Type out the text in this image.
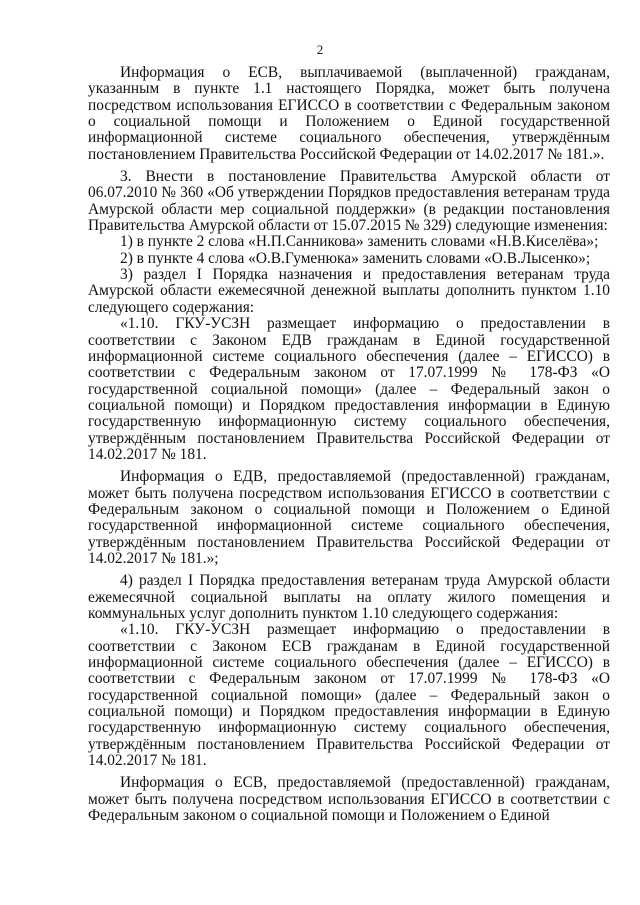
2

Информация о ЕСВ, выплачиваемой (выплаченной) гражданам, указанным в пункте 1.1 настоящего Порядка, может быть получена посредством использования ЕГИССО в соответствии с Федеральным законом о социальной помощи и Положением о Единой государственной информационной системе социального обеспечения, утверждённым постановлением Правительства Российской Федерации от 14.02.2017 № 181.».

3. Внести в постановление Правительства Амурской области от 06.07.2010 № 360 «Об утверждении Порядков предоставления ветеранам труда Амурской области мер социальной поддержки» (в редакции постановления Правительства Амурской области от 15.07.2015 № 329) следующие изменения:

1) в пункте 2 слова «Н.П.Санникова» заменить словами «Н.В.Киселёва»;

2) в пункте 4 слова «О.В.Гуменюка» заменить словами «О.В.Лысенко»;

3) раздел I Порядка назначения и предоставления ветеранам труда Амурской области ежемесячной денежной выплаты дополнить пунктом 1.10 следующего содержания:

«1.10. ГКУ-УСЗН размещает информацию о предоставлении в соответствии с Законом ЕДВ гражданам в Единой государственной информационной системе социального обеспечения (далее – ЕГИССО) в соответствии с Федеральным законом от 17.07.1999 № 178-ФЗ «О государственной социальной помощи» (далее – Федеральный закон о социальной помощи) и Порядком предоставления информации в Единую государственную информационную систему социального обеспечения, утверждённым постановлением Правительства Российской Федерации от 14.02.2017 № 181.

Информация о ЕДВ, предоставляемой (предоставленной) гражданам, может быть получена посредством использования ЕГИССО в соответствии с Федеральным законом о социальной помощи и Положением о Единой государственной информационной системе социального обеспечения, утверждённым постановлением Правительства Российской Федерации от 14.02.2017 № 181.»;

4) раздел I Порядка предоставления ветеранам труда Амурской области ежемесячной социальной выплаты на оплату жилого помещения и коммунальных услуг дополнить пунктом 1.10 следующего содержания:

«1.10. ГКУ-УСЗН размещает информацию о предоставлении в соответствии с Законом ЕСВ гражданам в Единой государственной информационной системе социального обеспечения (далее – ЕГИССО) в соответствии с Федеральным законом от 17.07.1999 № 178-ФЗ «О государственной социальной помощи» (далее – Федеральный закон о социальной помощи) и Порядком предоставления информации в Единую государственную информационную систему социального обеспечения, утверждённым постановлением Правительства Российской Федерации от 14.02.2017 № 181.

Информация о ЕСВ, предоставляемой (предоставленной) гражданам, может быть получена посредством использования ЕГИССО в соответствии с Федеральным законом о социальной помощи и Положением о Единой
